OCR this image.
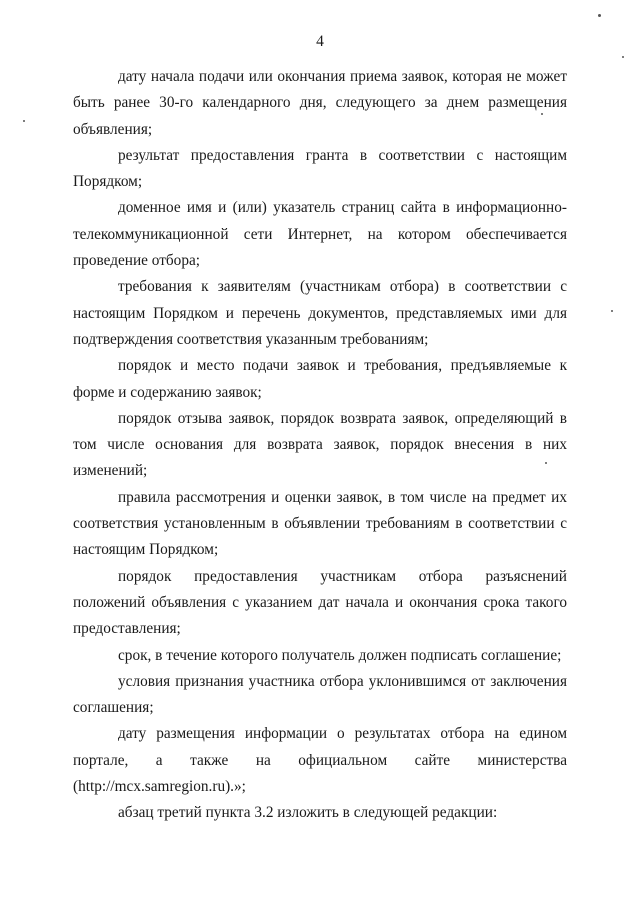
4

дату начала подачи или окончания приема заявок, которая не может быть ранее 30-го календарного дня, следующего за днем размещения объявления;

результат предоставления гранта в соответствии с настоящим Порядком;

доменное имя и (или) указатель страниц сайта в информационно-телекоммуникационной сети Интернет, на котором обеспечивается проведение отбора;

требования к заявителям (участникам отбора) в соответствии с настоящим Порядком и перечень документов, представляемых ими для подтверждения соответствия указанным требованиям;

порядок и место подачи заявок и требования, предъявляемые к форме и содержанию заявок;

порядок отзыва заявок, порядок возврата заявок, определяющий в том числе основания для возврата заявок, порядок внесения в них изменений;

правила рассмотрения и оценки заявок, в том числе на предмет их соответствия установленным в объявлении требованиям в соответствии с настоящим Порядком;

порядок предоставления участникам отбора разъяснений положений объявления с указанием дат начала и окончания срока такого предоставления;

срок, в течение которого получатель должен подписать соглашение;

условия признания участника отбора уклонившимся от заключения соглашения;

дату размещения информации о результатах отбора на едином портале, а также на официальном сайте министерства (http://mcx.samregion.ru).»;

абзац третий пункта 3.2 изложить в следующей редакции:
